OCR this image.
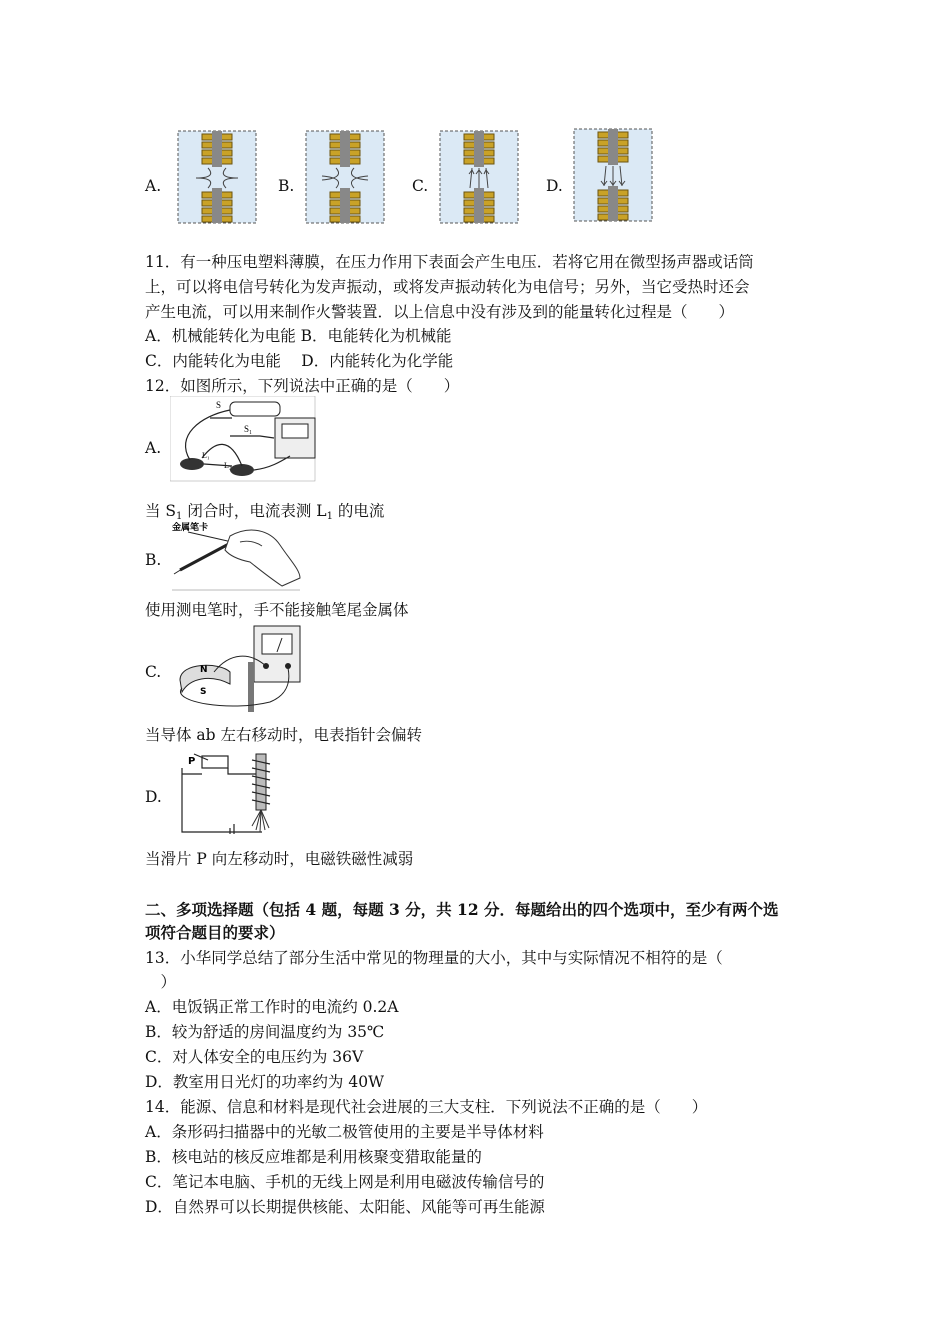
A.	B.	C.	D.
11．有一种压电塑料薄膜，在压力作用下表面会产生电压．若将它用在微型扬声器或话筒
上，可以将电信号转化为发声振动，或将发声振动转化为电信号；另外，当它受热时还会
产生电流，可以用来制作火警装置．以上信息中没有涉及到的能量转化过程是（　　）
A．机械能转化为电能 B．电能转化为机械能
C．内能转化为电能　 D．内能转化为化学能
12．如图所示，下列说法中正确的是（　　）
A.
S
S₁
L₁
L₂
当 $S_1$ 闭合时，电流表测 $L_1$ 的电流
B.
金属笔卡
使用测电笔时，手不能接触笔尾金属体
C.	N
S
当导体 ab 左右移动时，电表指针会偏转
D.
P
当滑片 P 向左移动时，电磁铁磁性减弱
二、多项选择题（包括 4 题，每题 3 分，共 12 分．每题给出的四个选项中，至少有两个选
项符合题目的要求）
13．小华同学总结了部分生活中常见的物理量的大小，其中与实际情况不相符的是（
　）
A．电饭锅正常工作时的电流约 0.2A
B．较为舒适的房间温度约为 35℃
C．对人体安全的电压约为 36V
D．教室用日光灯的功率约为 40W
14．能源、信息和材料是现代社会进展的三大支柱．下列说法不正确的是（　　）
A．条形码扫描器中的光敏二极管使用的主要是半导体材料
B．核电站的核反应堆都是利用核聚变猎取能量的
C．笔记本电脑、手机的无线上网是利用电磁波传输信号的
D．自然界可以长期提供核能、太阳能、风能等可再生能源
